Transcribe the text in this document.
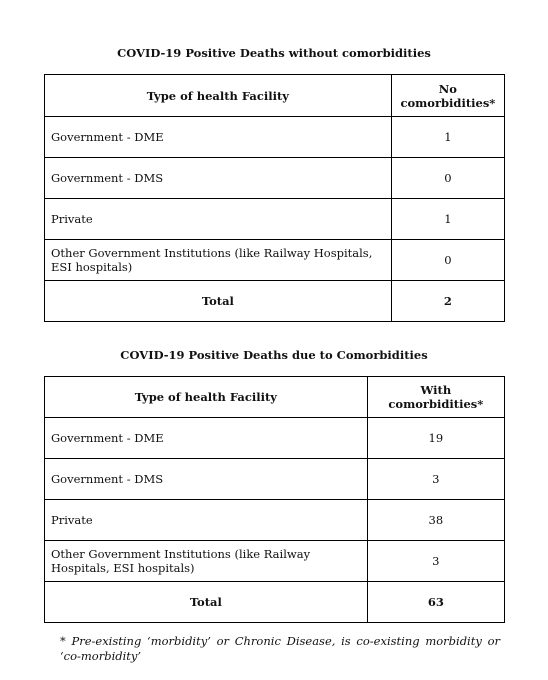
COVID-19 Positive Deaths without comorbidities
Type of health Facility	No comorbidities*
Government - DME	1
Government - DMS	0
Private	1
Other Government Institutions (like Railway Hospitals, ESI hospitals)	0
Total	2
COVID-19 Positive Deaths due to Comorbidities
Type of health Facility	With comorbidities*
Government - DME	19
Government - DMS	3
Private	38
Other Government Institutions (like Railway Hospitals, ESI hospitals)	3
Total	63
* Pre-existing ‘morbidity’ or Chronic Disease, is co-existing morbidity or ‘co-morbidity’
